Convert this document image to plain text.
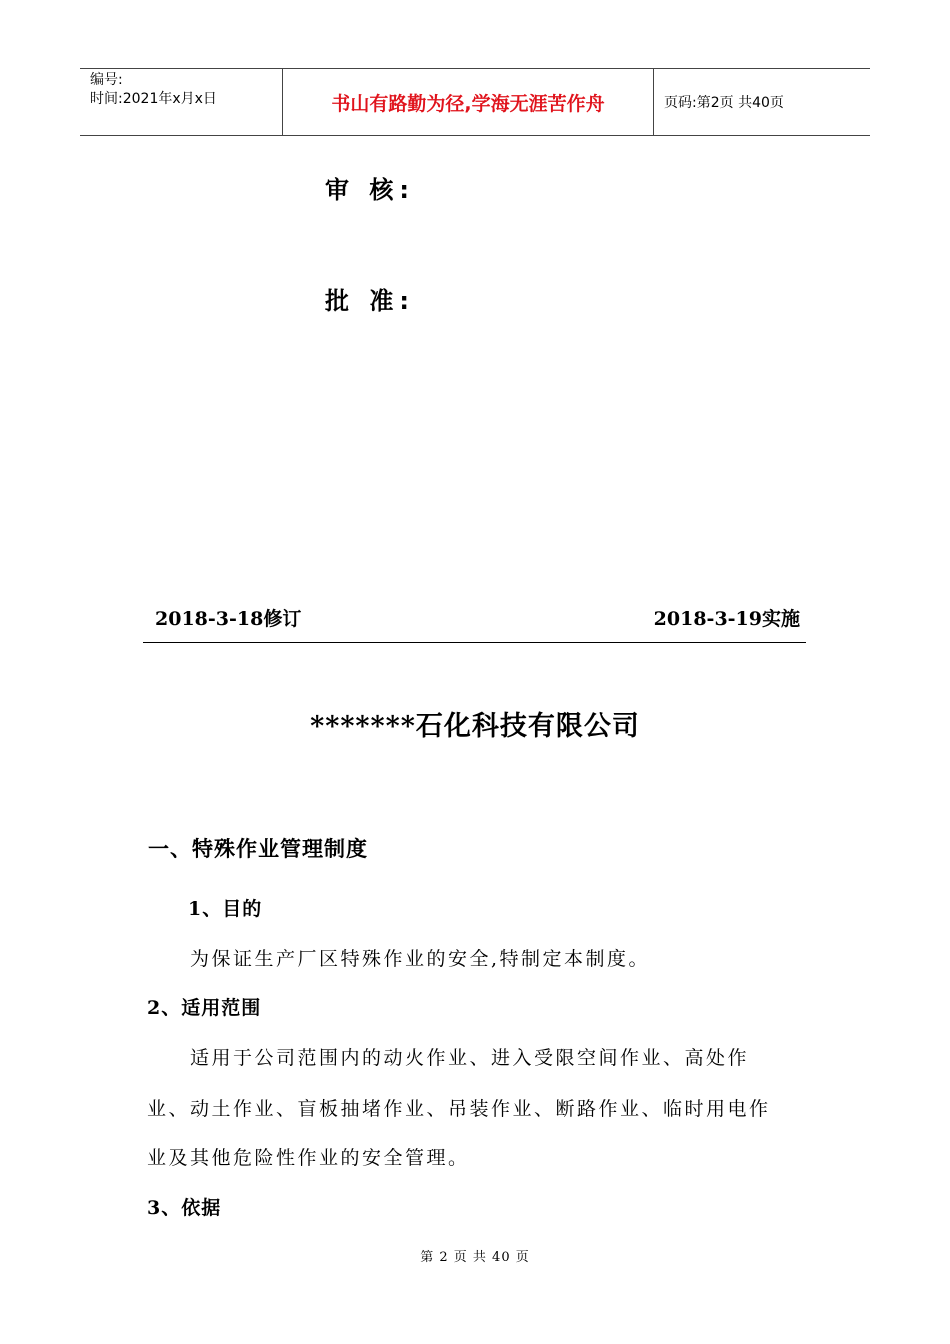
编号:
时间:2021年x月x日	书山有路勤为径,学海无涯苦作舟	页码:第2页 共40页
审 核:
批 准:
2018-3-18修订	2018-3-19实施
*******石化科技有限公司
一、特殊作业管理制度
1、目的
为保证生产厂区特殊作业的安全,特制定本制度。
2、适用范围
适用于公司范围内的动火作业、进入受限空间作业、高处作
业、动土作业、盲板抽堵作业、吊装作业、断路作业、临时用电作
业及其他危险性作业的安全管理。
3、依据
第 2 页 共 40 页
